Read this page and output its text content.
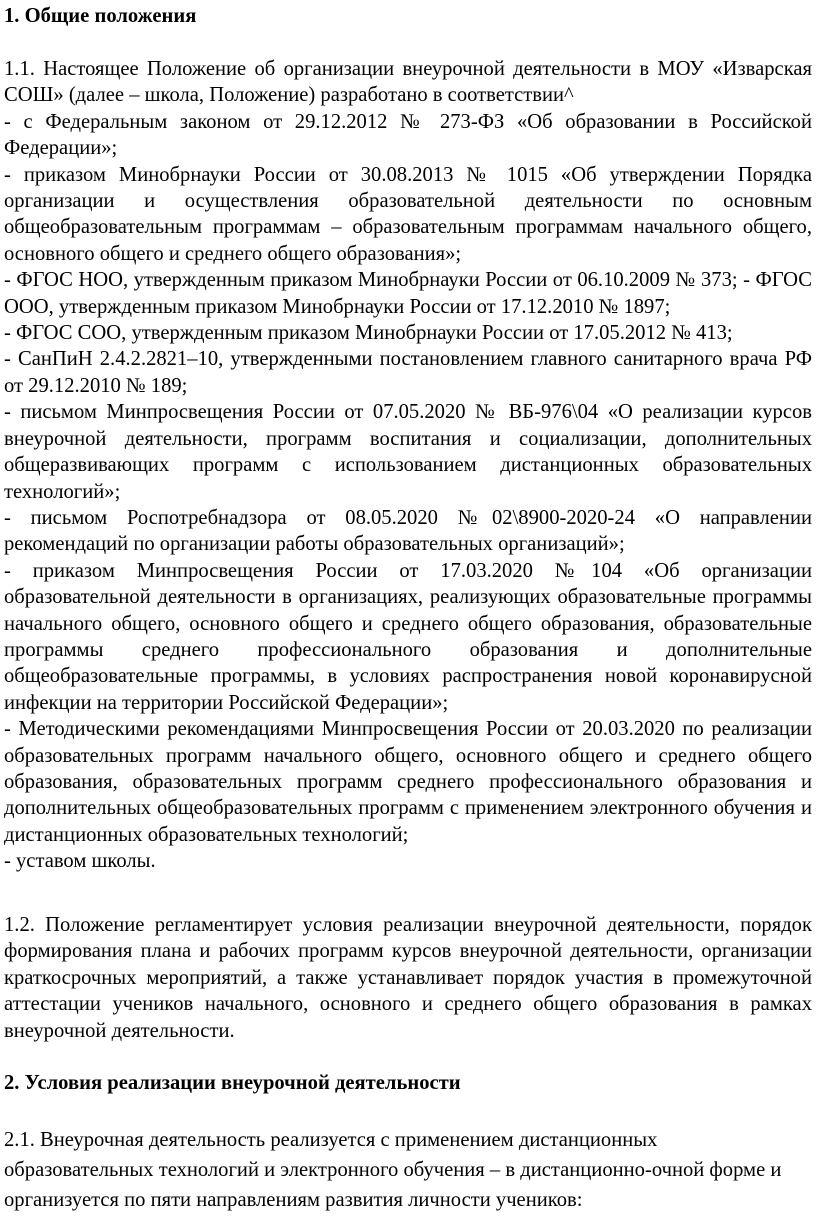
1. Общие положения

1.1. Настоящее Положение об организации внеурочной деятельности в МОУ «Изварская СОШ» (далее – школа, Положение) разработано в соответствии^

- с Федеральным законом от 29.12.2012 № 273-ФЗ «Об образовании в Российской Федерации»;

- приказом Минобрнауки России от 30.08.2013 № 1015 «Об утверждении Порядка организации и осуществления образовательной деятельности по основным общеобразовательным программам – образовательным программам начального общего, основного общего и среднего общего образования»;

- ФГОС НОО, утвержденным приказом Минобрнауки России от 06.10.2009 № 373; - ФГОС ООО, утвержденным приказом Минобрнауки России от 17.12.2010 № 1897;

- ФГОС СОО, утвержденным приказом Минобрнауки России от 17.05.2012 № 413;

- СанПиН 2.4.2.2821–10, утвержденными постановлением главного санитарного врача РФ от 29.12.2010 № 189;

- письмом Минпросвещения России от 07.05.2020 № ВБ-976\04 «О реализации курсов внеурочной деятельности, программ воспитания и социализации, дополнительных общеразвивающих программ с использованием дистанционных образовательных технологий»;

- письмом Роспотребнадзора от 08.05.2020 №02\8900-2020-24 «О направлении рекомендаций по организации работы образовательных организаций»;

- приказом Минпросвещения России от 17.03.2020 №104 «Об организации образовательной деятельности в организациях, реализующих образовательные программы начального общего, основного общего и среднего общего образования, образовательные программы среднего профессионального образования и дополнительные общеобразовательные программы, в условиях распространения новой коронавирусной инфекции на территории Российской Федерации»;

- Методическими рекомендациями Минпросвещения России от 20.03.2020 по реализации образовательных программ начального общего, основного общего и среднего общего образования, образовательных программ среднего профессионального образования и дополнительных общеобразовательных программ с применением электронного обучения и дистанционных образовательных технологий;

- уставом школы.

1.2. Положение регламентирует условия реализации внеурочной деятельности, порядок формирования плана и рабочих программ курсов внеурочной деятельности, организации краткосрочных мероприятий, а также устанавливает порядок участия в промежуточной аттестации учеников начального, основного и среднего общего образования в рамках внеурочной деятельности.

2. Условия реализации внеурочной деятельности

2.1. Внеурочная деятельность реализуется с применением дистанционных образовательных технологий и электронного обучения – в дистанционно-очной форме и организуется по пяти направлениям развития личности учеников:
